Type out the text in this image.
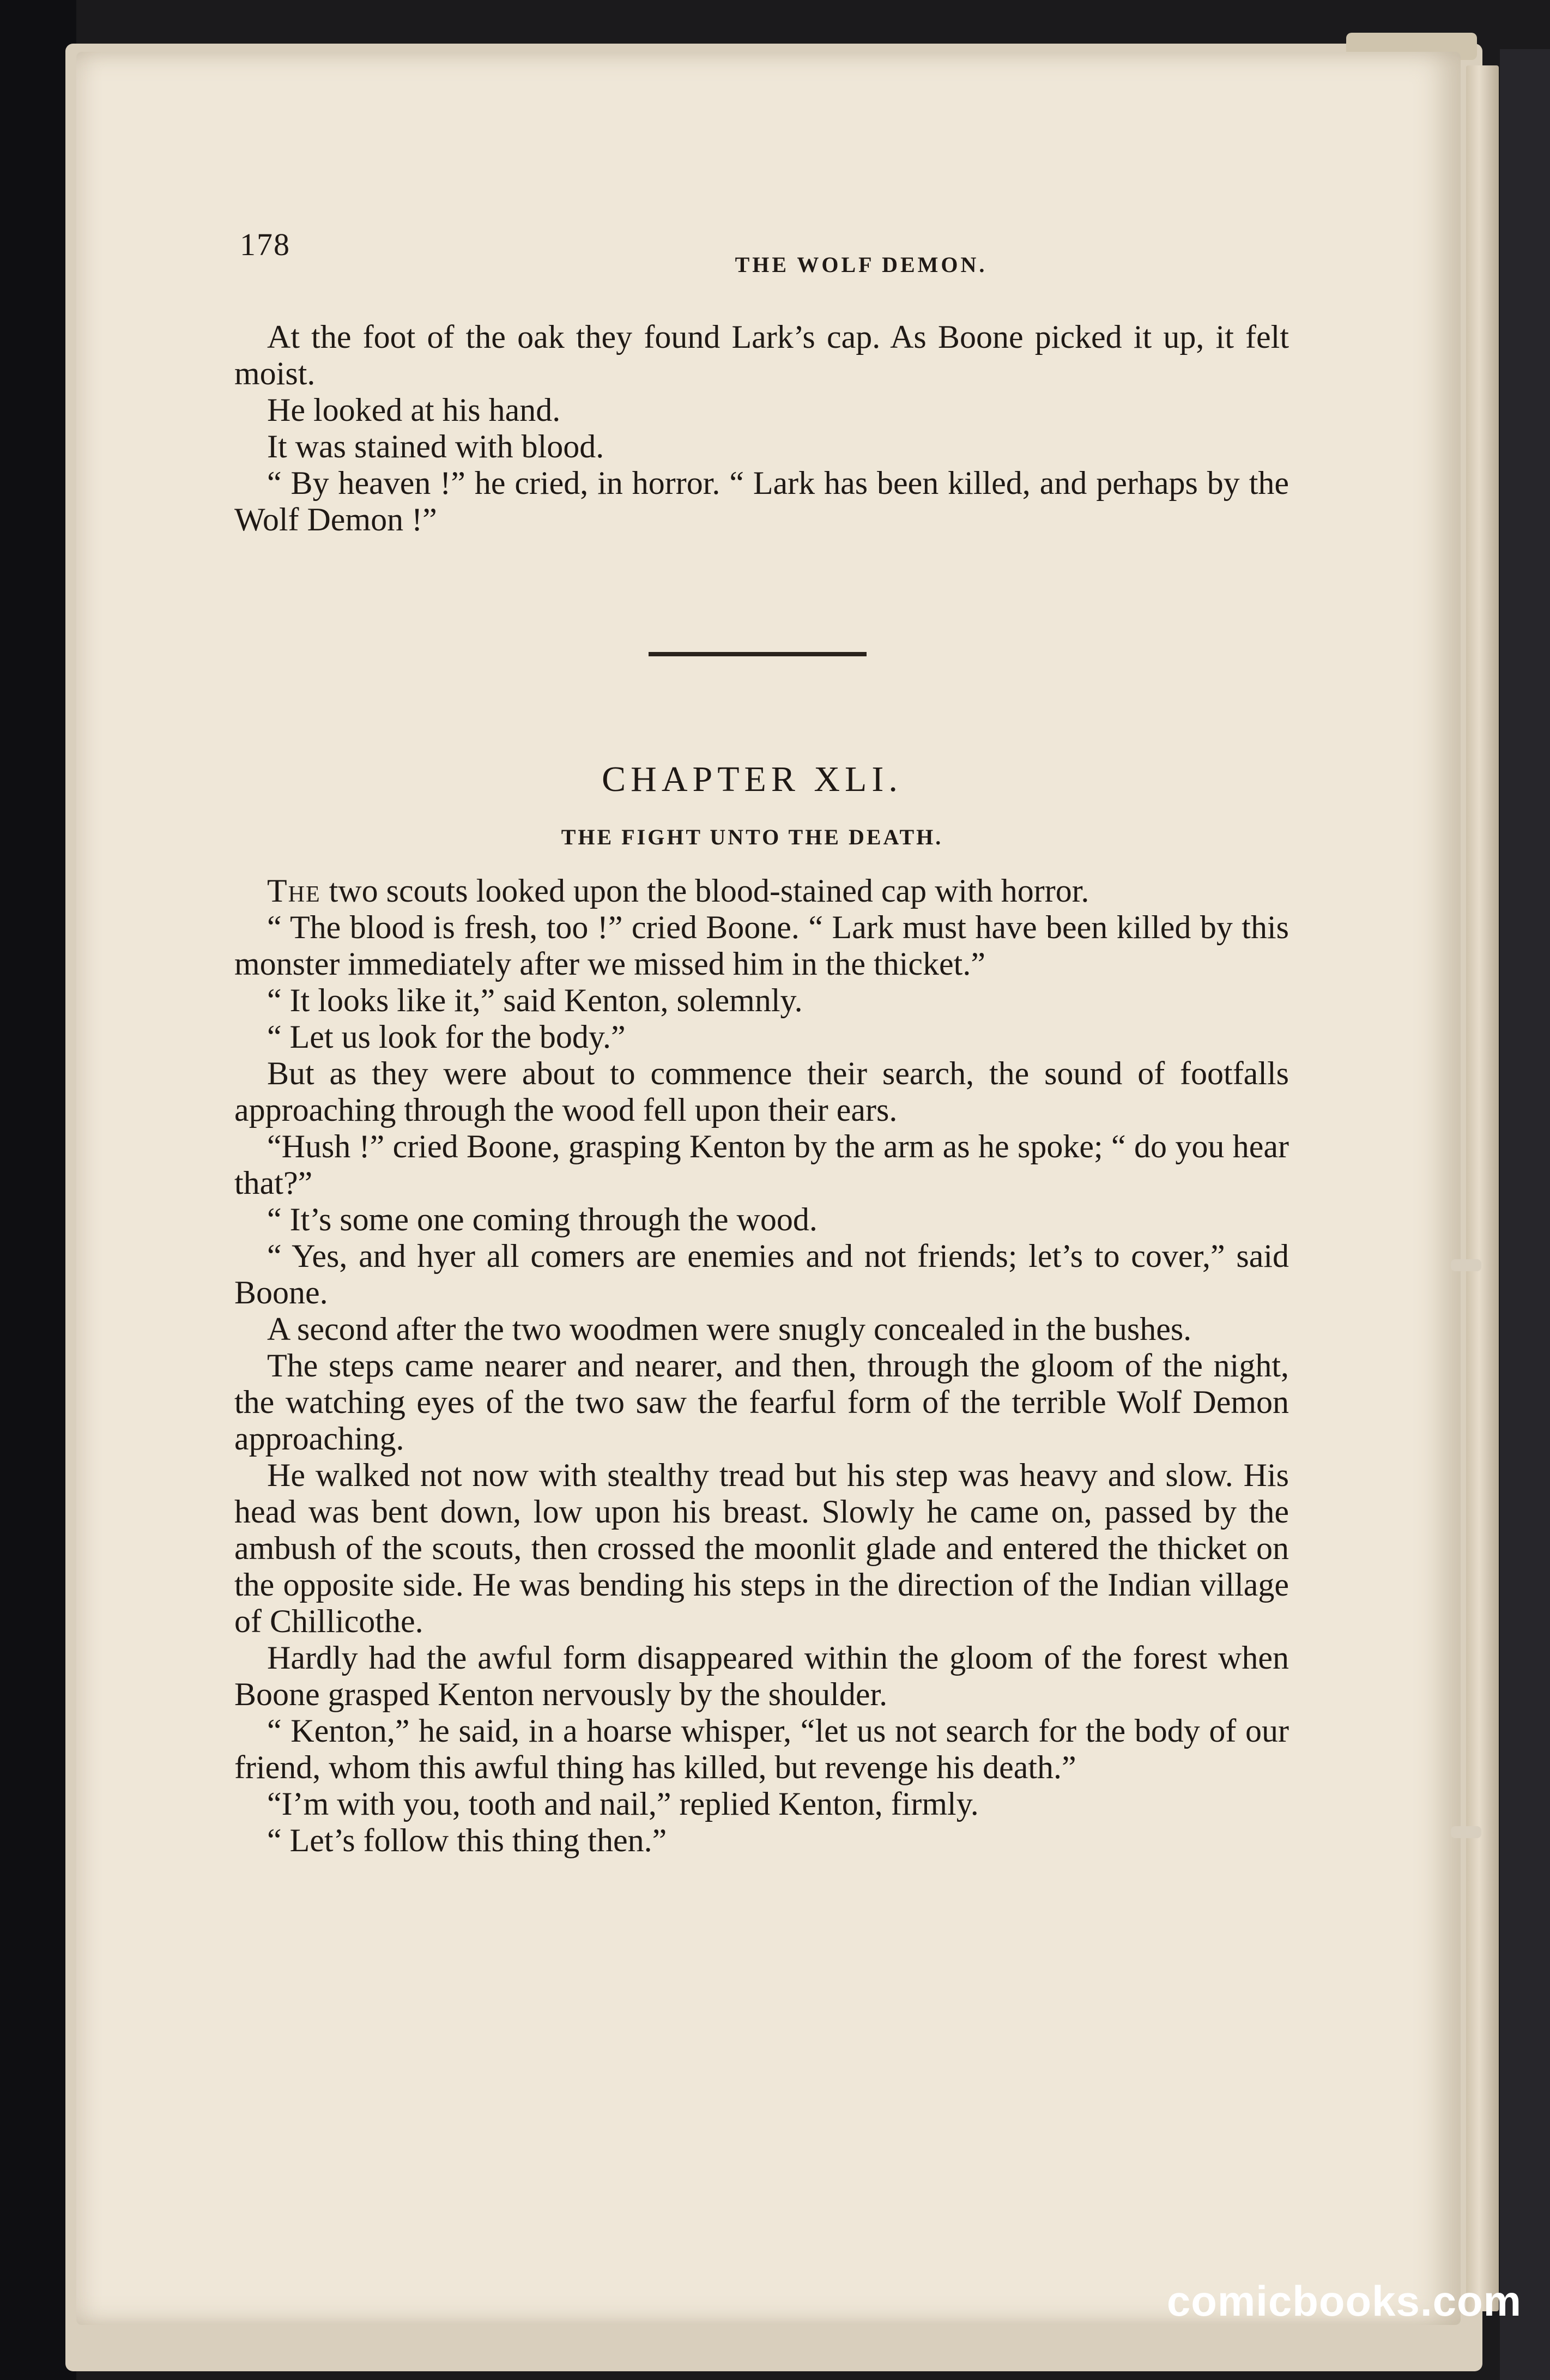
178
THE WOLF DEMON.

At the foot of the oak they found Lark’s cap. As Boone picked it up, it felt moist.

He looked at his hand.

It was stained with blood.

“ By heaven !” he cried, in horror. “ Lark has been killed, and perhaps by the Wolf Demon !”

CHAPTER XLI.
THE FIGHT UNTO THE DEATH.

The two scouts looked upon the blood-stained cap with horror.

“ The blood is fresh, too !” cried Boone. “ Lark must have been killed by this monster immediately after we missed him in the thicket.”

“ It looks like it,” said Kenton, solemnly.

“ Let us look for the body.”

But as they were about to commence their search, the sound of footfalls approaching through the wood fell upon their ears.

“Hush !” cried Boone, grasping Kenton by the arm as he spoke; “ do you hear that?”

“ It’s some one coming through the wood.

“ Yes, and hyer all comers are enemies and not friends; let’s to cover,” said Boone.

A second after the two woodmen were snugly concealed in the bushes.

The steps came nearer and nearer, and then, through the gloom of the night, the watching eyes of the two saw the fearful form of the terrible Wolf Demon approaching.

He walked not now with stealthy tread but his step was heavy and slow. His head was bent down, low upon his breast. Slowly he came on, passed by the ambush of the scouts, then crossed the moonlit glade and entered the thicket on the opposite side. He was bending his steps in the direction of the Indian village of Chillicothe.

Hardly had the awful form disappeared within the gloom of the forest when Boone grasped Kenton nervously by the shoulder.

“ Kenton,” he said, in a hoarse whisper, “let us not search for the body of our friend, whom this awful thing has killed, but revenge his death.”

“I’m with you, tooth and nail,” replied Kenton, firmly.

“ Let’s follow this thing then.”

comicbooks.com
